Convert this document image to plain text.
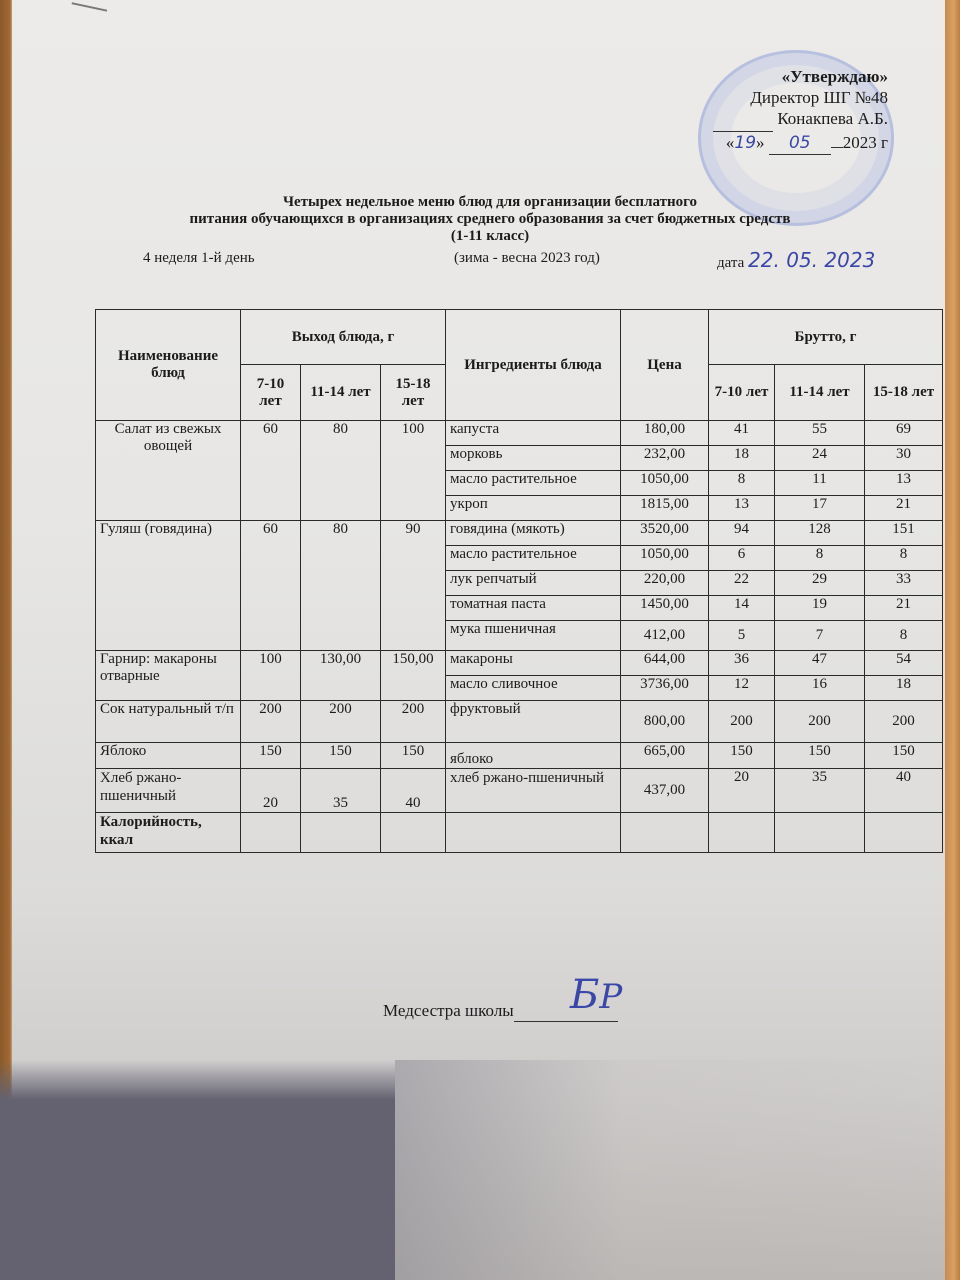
«Утверждаю»
Директор ШГ №48
Конакпева А.Б.
«19» 05 2023 г
Четырех недельное меню блюд для организации бесплатного
питания обучающихся в организациях среднего образования за счет бюджетных средств
(1-11 класс)
4 неделя 1-й день	(зима - весна 2023 год)	дата 22. 05. 2023
Наименование блюд	Выход блюда, г			Ингредиенты блюда	Цена	Брутто, г		
	7-10 лет	11-14 лет	15-18 лет			7-10 лет	11-14 лет	15-18 лет
Салат из свежых овощей	60	80	100	капуста	180,00	41	55	69
				морковь	232,00	18	24	30
				масло растительное	1050,00	8	11	13
				укроп	1815,00	13	17	21
Гуляш (говядина)	60	80	90	говядина (мякоть)	3520,00	94	128	151
				масло растительное	1050,00	6	8	8
				лук репчатый	220,00	22	29	33
				томатная паста	1450,00	14	19	21
				мука пшеничная	412,00	5	7	8
Гарнир: макароны отварные	100	130,00	150,00	макароны	644,00	36	47	54
				масло сливочное	3736,00	12	16	18
Сок натуральный т/п	200	200	200	фруктовый	800,00	200	200	200
Яблоко	150	150	150	яблоко	665,00	150	150	150
Хлеб ржано-пшеничный	20	35	40	хлеб ржано-пшеничный	437,00	20	35	40
Калорийность, ккал								
Медсестра школы	БР
